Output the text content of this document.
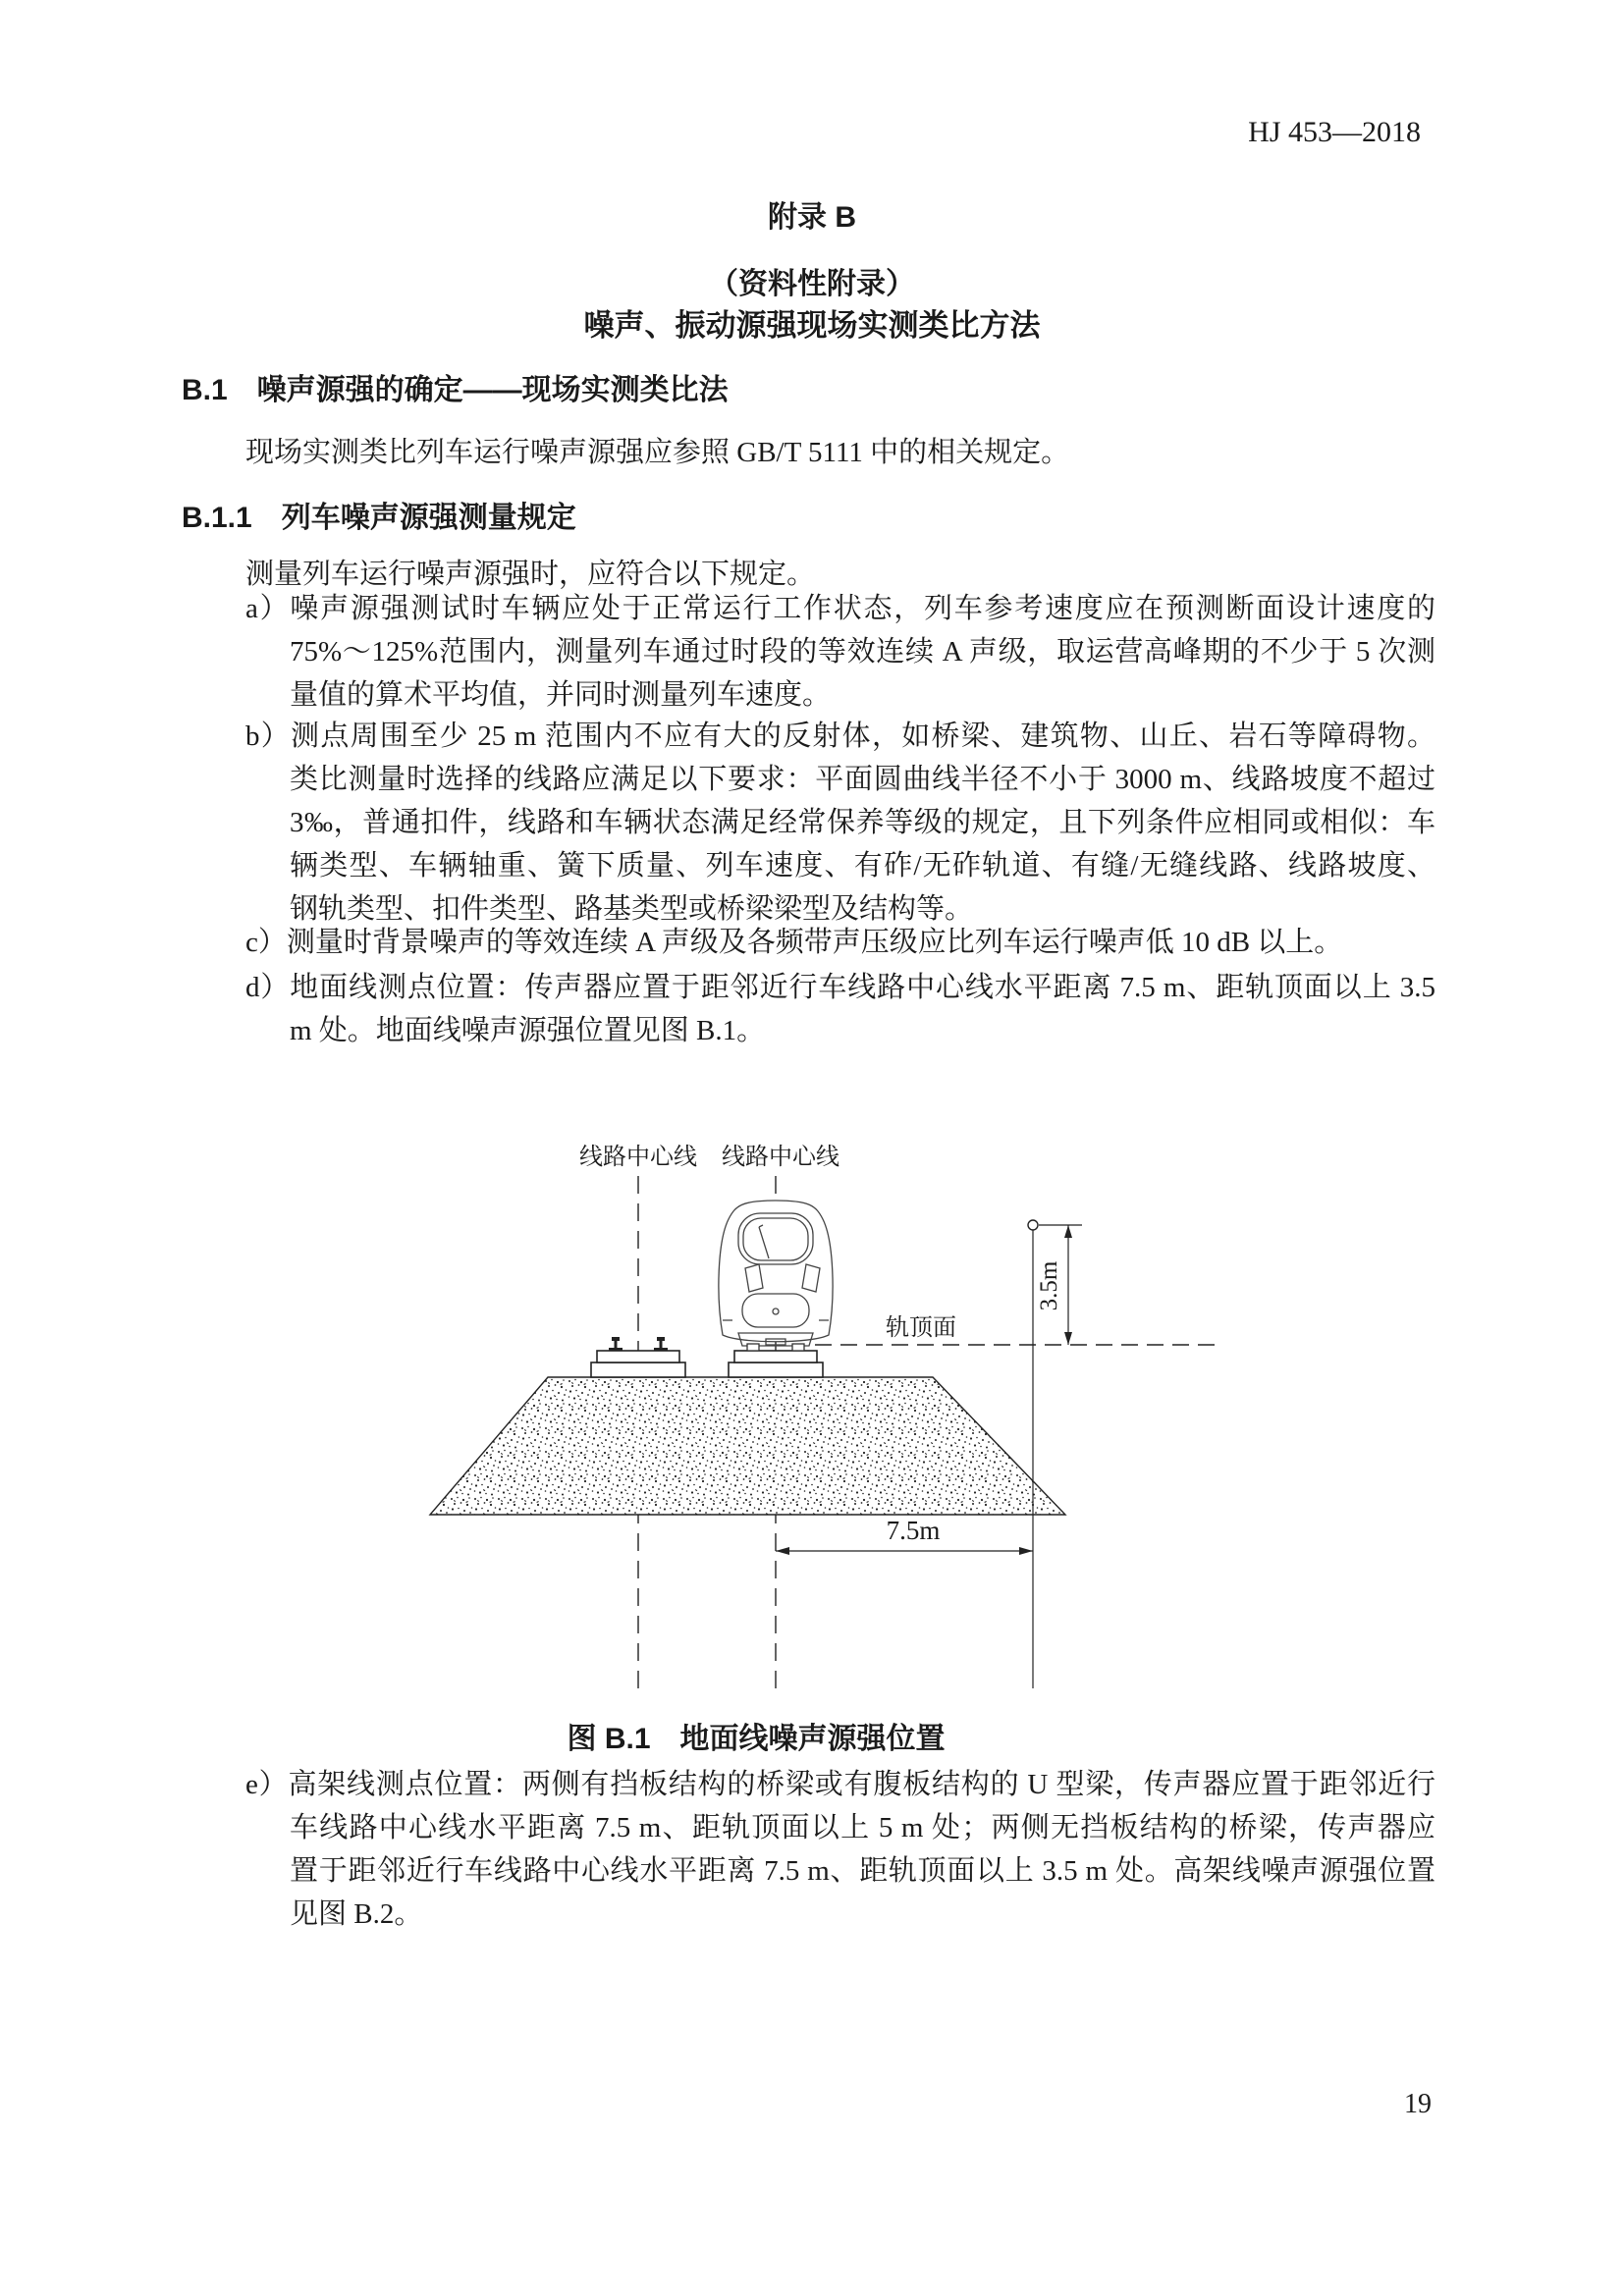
HJ 453—2018
附录 B
（资料性附录）
噪声、振动源强现场实测类比方法
B.1　噪声源强的确定——现场实测类比法
现场实测类比列车运行噪声源强应参照 GB/T 5111 中的相关规定。
B.1.1　列车噪声源强测量规定
测量列车运行噪声源强时，应符合以下规定。
a）噪声源强测试时车辆应处于正常运行工作状态，列车参考速度应在预测断面设计速度的
75%～125%范围内，测量列车通过时段的等效连续 A 声级，取运营高峰期的不少于 5 次测
量值的算术平均值，并同时测量列车速度。
b）测点周围至少 25 m 范围内不应有大的反射体，如桥梁、建筑物、山丘、岩石等障碍物。
类比测量时选择的线路应满足以下要求：平面圆曲线半径不小于 3000 m、线路坡度不超过
3‰，普通扣件，线路和车辆状态满足经常保养等级的规定，且下列条件应相同或相似：车
辆类型、车辆轴重、簧下质量、列车速度、有砟/无砟轨道、有缝/无缝线路、线路坡度、
钢轨类型、扣件类型、路基类型或桥梁梁型及结构等。
c）测量时背景噪声的等效连续 A 声级及各频带声压级应比列车运行噪声低 10 dB 以上。
d）地面线测点位置：传声器应置于距邻近行车线路中心线水平距离 7.5 m、距轨顶面以上 3.5
m 处。地面线噪声源强位置见图 B.1。
线路中心线 线路中心线
轨顶面
3.5m
7.5m
图 B.1　地面线噪声源强位置
e）高架线测点位置：两侧有挡板结构的桥梁或有腹板结构的 U 型梁，传声器应置于距邻近行
车线路中心线水平距离 7.5 m、距轨顶面以上 5 m 处；两侧无挡板结构的桥梁，传声器应
置于距邻近行车线路中心线水平距离 7.5 m、距轨顶面以上 3.5 m 处。高架线噪声源强位置
见图 B.2。
19
